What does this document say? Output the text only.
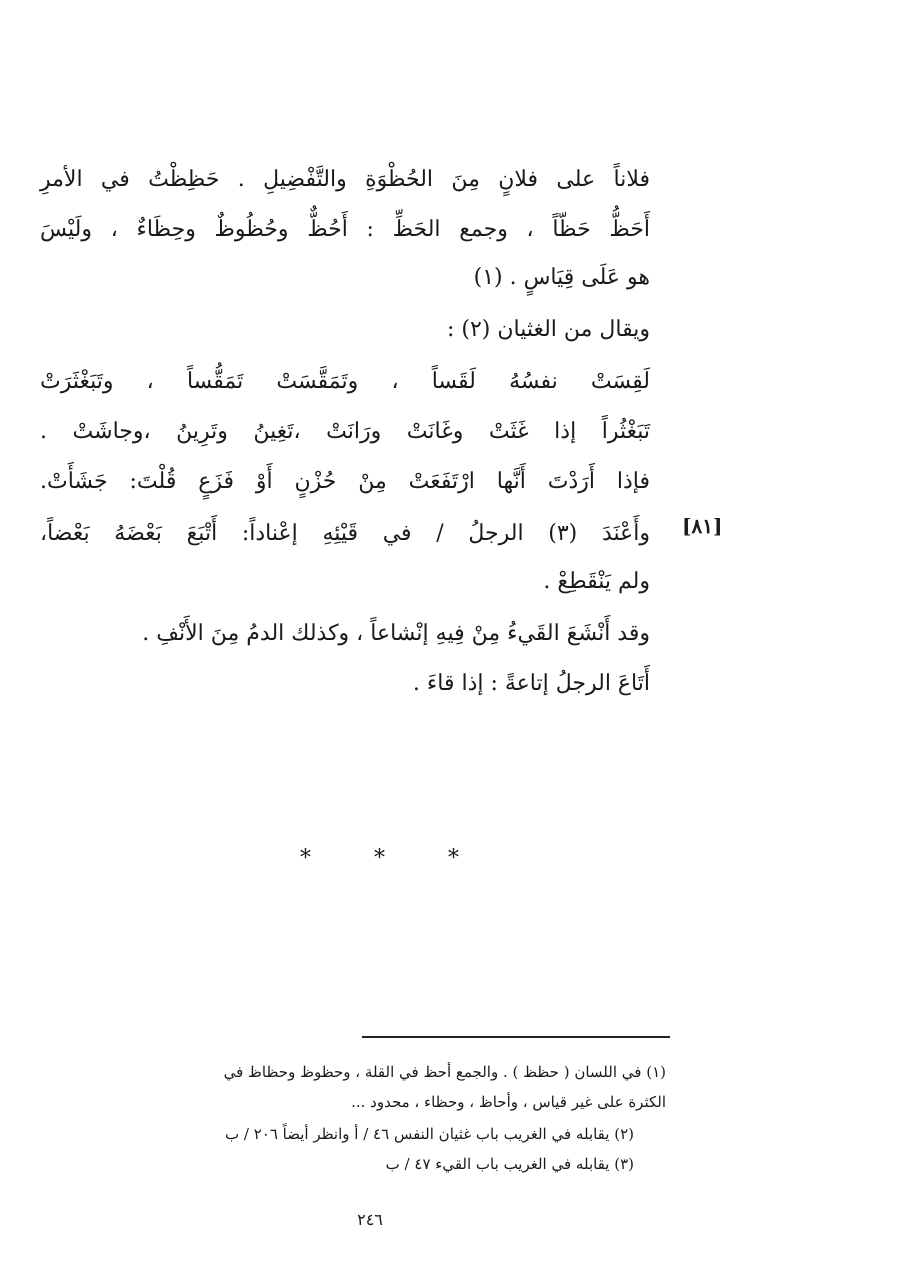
فلاناً على فلانٍ مِنَ الحُظْوَةِ والتَّفْضِيلِ . حَظِظْتُ في الأمرِ
أَحَظُّ حَظّاً ، وجمع الحَظِّ : أَحُظٌّ وحُظُوظٌ وحِظَاءٌ ، ولَيْسَ
هو عَلَى قِيَاسٍ . (١)
ويقال من الغثيان (٢) :
لَقِسَتْ نفسُهُ لَقَساً ، وتَمَقَّسَتْ تَمَقُّساً ، وتَبَغْثَرَتْ
تَبَغْثُراً إذا غَثَتْ وغَانَتْ ورَانَتْ ،تَغِينُ وتَرِينُ ،وجاشَتْ .
فإذا أَرَدْتَ أَنَّها ارْتَفَعَتْ مِنْ حُزْنٍ أَوْ فَزَعٍ قُلْتَ: جَشَأَتْ.
وأَعْنَدَ (٣) الرجلُ / في قَيْئِهِ إعْناداً: أَتْبَعَ بَعْضَهُ بَعْضاً،
ولم يَنْقَطِعْ .
وقد أَنْشَعَ القَيءُ مِنْ فِيهِ إنْشاعاً ، وكذلك الدمُ مِنَ الأَنْفِ .
أَتَاعَ الرجلُ إتاعةً : إذا قاءَ .
[٨١]
* * *
(١) في اللسان ( حظظ ) . والجمع أحظ في القلة ، وحظوظ وحظاظ في
الكثرة على غير قياس ، وأحاظ ، وحظاء ، محدود ...
(٢) يقابله في الغريب باب غثيان النفس ٤٦ / أ وانظر أيضاً ٢٠٦ / ب
(٣) يقابله في الغريب باب القيء ٤٧ / ب
٢٤٦
